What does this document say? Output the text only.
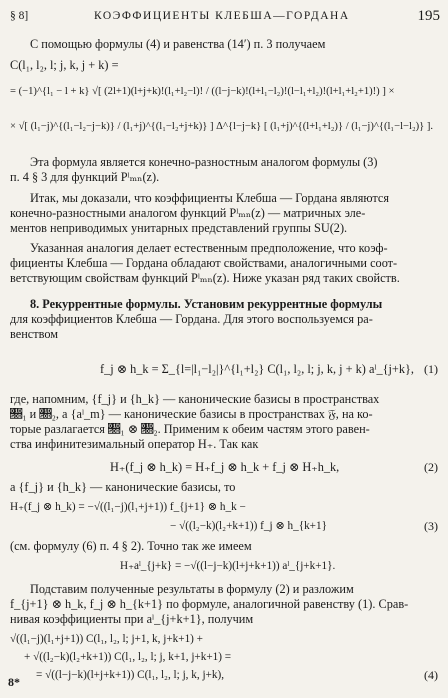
§ 8]	КОЭФФИЦИЕНТЫ КЛЕБША—ГОРДАНА	195
С помощью формулы (4) и равенства (14′) п. 3 получаем
C(l₁, l₂, l; j, k, j + k) =
= (−1)^{l₁ − l + k} √[ (2l+1)(l+j+k)!(l₁+l₂−l)! / ((l−j−k)!(l+l₁−l₂)!(l−l₁+l₂)!(l+l₁+l₂+1)!) ] ×
× √[ (l₁−j)^{(l₁−l₂−j−k)} / (l₁+j)^{(l₁−l₂+j+k)} ] Δ^{l−j−k} [ (l₁+j)^{(l+l₁+l₂)} / (l₁−j)^{(l₁−l−l₂)} ].
Эта формула является конечно-разностным аналогом формулы (3)
п. 4 § 3 для функций Pˡₘₙ(z).
Итак, мы доказали, что коэффициенты Клебша — Гордана являются
конечно-разностными аналогом функций Pˡₘₙ(z) — матричных эле-
ментов неприводимых унитарных представлений группы SU(2).
Указанная аналогия делает естественным предположение, что коэф-
фициенты Клебша — Гордана обладают свойствами, аналогичными соот-
ветствующим свойствам функций Pˡₘₙ(z). Ниже указан ряд таких свойств.
8. Рекуррентные формулы. Установим рекуррентные формулы
для коэффициентов Клебша — Гордана. Для этого воспользуемся ра-
венством
f_j ⊗ h_k = Σ_{l=|l₁−l₂|}^{l₁+l₂} C(l₁, l₂, l; j, k, j + k) aˡ_{j+k}, (1)
где, напомним, {f_j} и {h_k} — канонические базисы в пространствах
𝔋₁ и 𝔋₂, а {aˡ_m} — канонические базисы в пространствах 𝔉, на ко-
торые разлагается 𝔋₁ ⊗ 𝔋₂. Применим к обеим частям этого равен-
ства инфинитезимальный оператор H₊. Так как
H₊(f_j ⊗ h_k) = H₊f_j ⊗ h_k + f_j ⊗ H₊h_k,	(2)
а {f_j} и {h_k} — канонические базисы, то
H₊(f_j ⊗ h_k) = −√((l₁−j)(l₁+j+1)) f_{j+1} ⊗ h_k −
− √((l₂−k)(l₂+k+1)) f_j ⊗ h_{k+1}	(3)
(см. формулу (6) п. 4 § 2). Точно так же имеем
H₊aˡ_{j+k} = −√((l−j−k)(l+j+k+1)) aˡ_{j+k+1}.
Подставим полученные результаты в формулу (2) и разложим
f_{j+1} ⊗ h_k, f_j ⊗ h_{k+1} по формуле, аналогичной равенству (1). Срав-
нивая коэффициенты при aˡ_{j+k+1}, получим
√((l₁−j)(l₁+j+1)) C(l₁, l₂, l; j+1, k, j+k+1) +
+ √((l₂−k)(l₂+k+1)) C(l₁, l₂, l; j, k+1, j+k+1) =
= √((l−j−k)(l+j+k+1)) C(l₁, l₂, l; j, k, j+k),	(4)
8*
